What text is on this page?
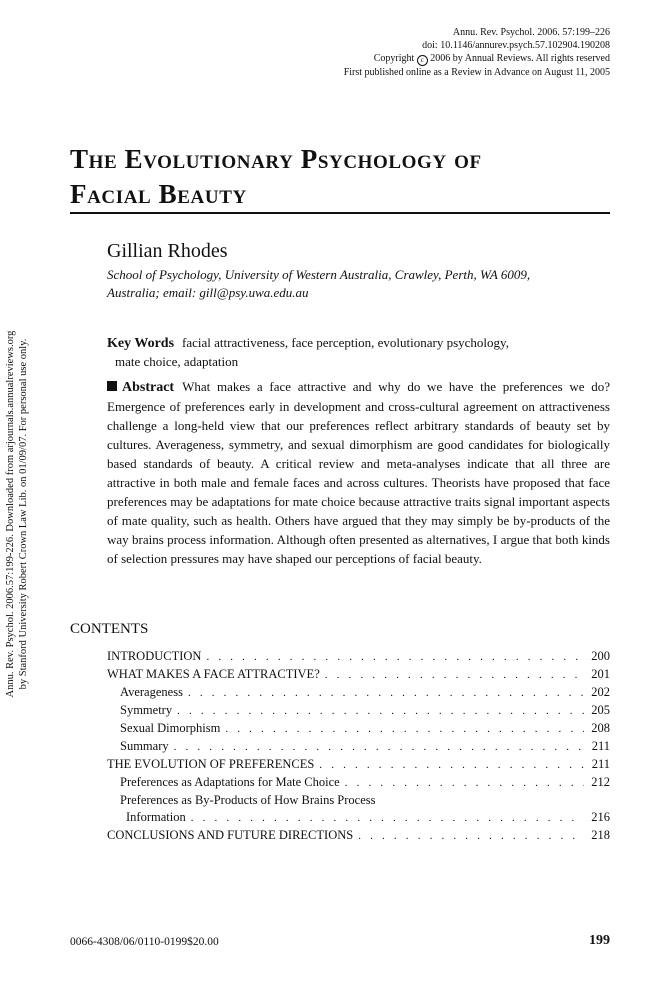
Annu. Rev. Psychol. 2006. 57:199–226
doi: 10.1146/annurev.psych.57.102904.190208
Copyright c 2006 by Annual Reviews. All rights reserved
First published online as a Review in Advance on August 11, 2005
Annu. Rev. Psychol. 2006.57:199-226. Downloaded from arjournals.annualreviews.org by Stanford University Robert Crown Law Lib. on 01/09/07. For personal use only.
The Evolutionary Psychology of
Facial Beauty
Gillian Rhodes
School of Psychology, University of Western Australia, Crawley, Perth, WA 6009,
Australia; email: gill@psy.uwa.edu.au
Key Words facial attractiveness, face perception, evolutionary psychology,
mate choice, adaptation
Abstract What makes a face attractive and why do we have the preferences we do? Emergence of preferences early in development and cross-cultural agreement on attractiveness challenge a long-held view that our preferences reflect arbitrary standards of beauty set by cultures. Averageness, symmetry, and sexual dimorphism are good candidates for biologically based standards of beauty. A critical review and meta-analyses indicate that all three are attractive in both male and female faces and across cultures. Theorists have proposed that face preferences may be adaptations for mate choice because attractive traits signal important aspects of mate quality, such as health. Others have argued that they may simply be by-products of the way brains process information. Although often presented as alternatives, I argue that both kinds of selection pressures may have shaped our perceptions of facial beauty.
CONTENTS
INTRODUCTION . . .	200
WHAT MAKES A FACE ATTRACTIVE? . . .	201
Averageness . . .	202
Symmetry . . .	205
Sexual Dimorphism . . .	208
Summary . . .	211
THE EVOLUTION OF PREFERENCES . . .	211
Preferences as Adaptations for Mate Choice . . .	212
Preferences as By-Products of How Brains Process
Information . . .	216
CONCLUSIONS AND FUTURE DIRECTIONS . . .	218
0066-4308/06/0110-0199$20.00	199
